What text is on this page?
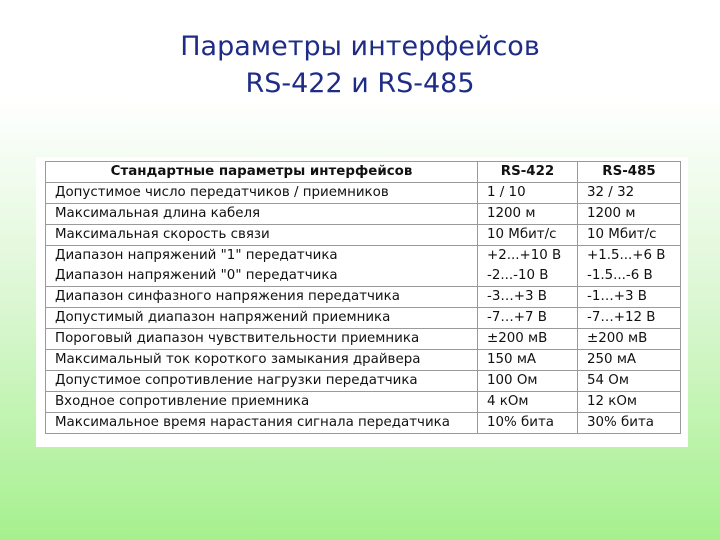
Параметры интерфейсов
RS-422 и RS-485
Стандартные параметры интерфейсов	RS-422	RS-485
Допустимое число передатчиков / приемников	1 / 10	32 / 32
Максимальная длина кабеля	1200 м	1200 м
Максимальная скорость связи	10 Мбит/с	10 Мбит/с
Диапазон напряжений "1" передатчика	+2...+10 В	+1.5...+6 В
Диапазон напряжений "0" передатчика	-2...-10 В	-1.5...-6 В
Диапазон синфазного напряжения передатчика	-3…+3 В	-1…+3 В
Допустимый диапазон напряжений приемника	-7…+7 В	-7…+12 В
Пороговый диапазон чувствительности приемника	±200 мВ	±200 мВ
Максимальный ток короткого замыкания драйвера	150 мА	250 мА
Допустимое сопротивление нагрузки передатчика	100 Ом	54 Ом
Входное сопротивление приемника	4 кОм	12 кОм
Максимальное время нарастания сигнала передатчика	10% бита	30% бита
